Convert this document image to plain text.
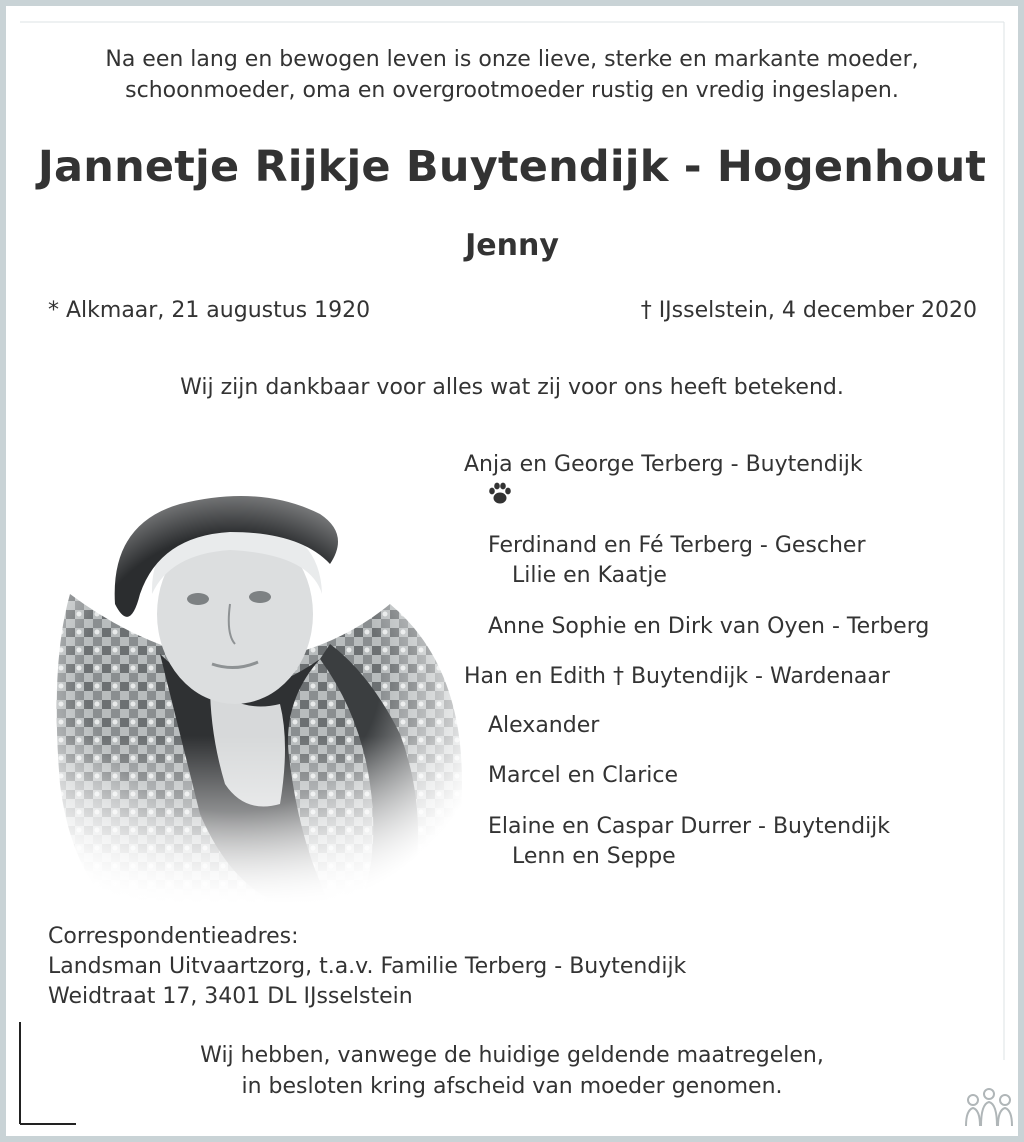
Na een lang en bewogen leven is onze lieve, sterke en markante moeder,
schoonmoeder, oma en overgrootmoeder rustig en vredig ingeslapen.
Jannetje Rijkje Buytendijk - Hogenhout
Jenny
* Alkmaar, 21 augustus 1920	† IJsselstein, 4 december 2020
Wij zijn dankbaar voor alles wat zij voor ons heeft betekend.
Anja en George Terberg - Buytendijk
Ferdinand en Fé Terberg - Gescher
Lilie en Kaatje
Anne Sophie en Dirk van Oyen - Terberg
Han en Edith † Buytendijk - Wardenaar
Alexander
Marcel en Clarice
Elaine en Caspar Durrer - Buytendijk
Lenn en Seppe
Correspondentieadres:
Landsman Uitvaartzorg, t.a.v. Familie Terberg - Buytendijk
Weidtraat 17, 3401 DL IJsselstein
Wij hebben, vanwege de huidige geldende maatregelen,
in besloten kring afscheid van moeder genomen.
